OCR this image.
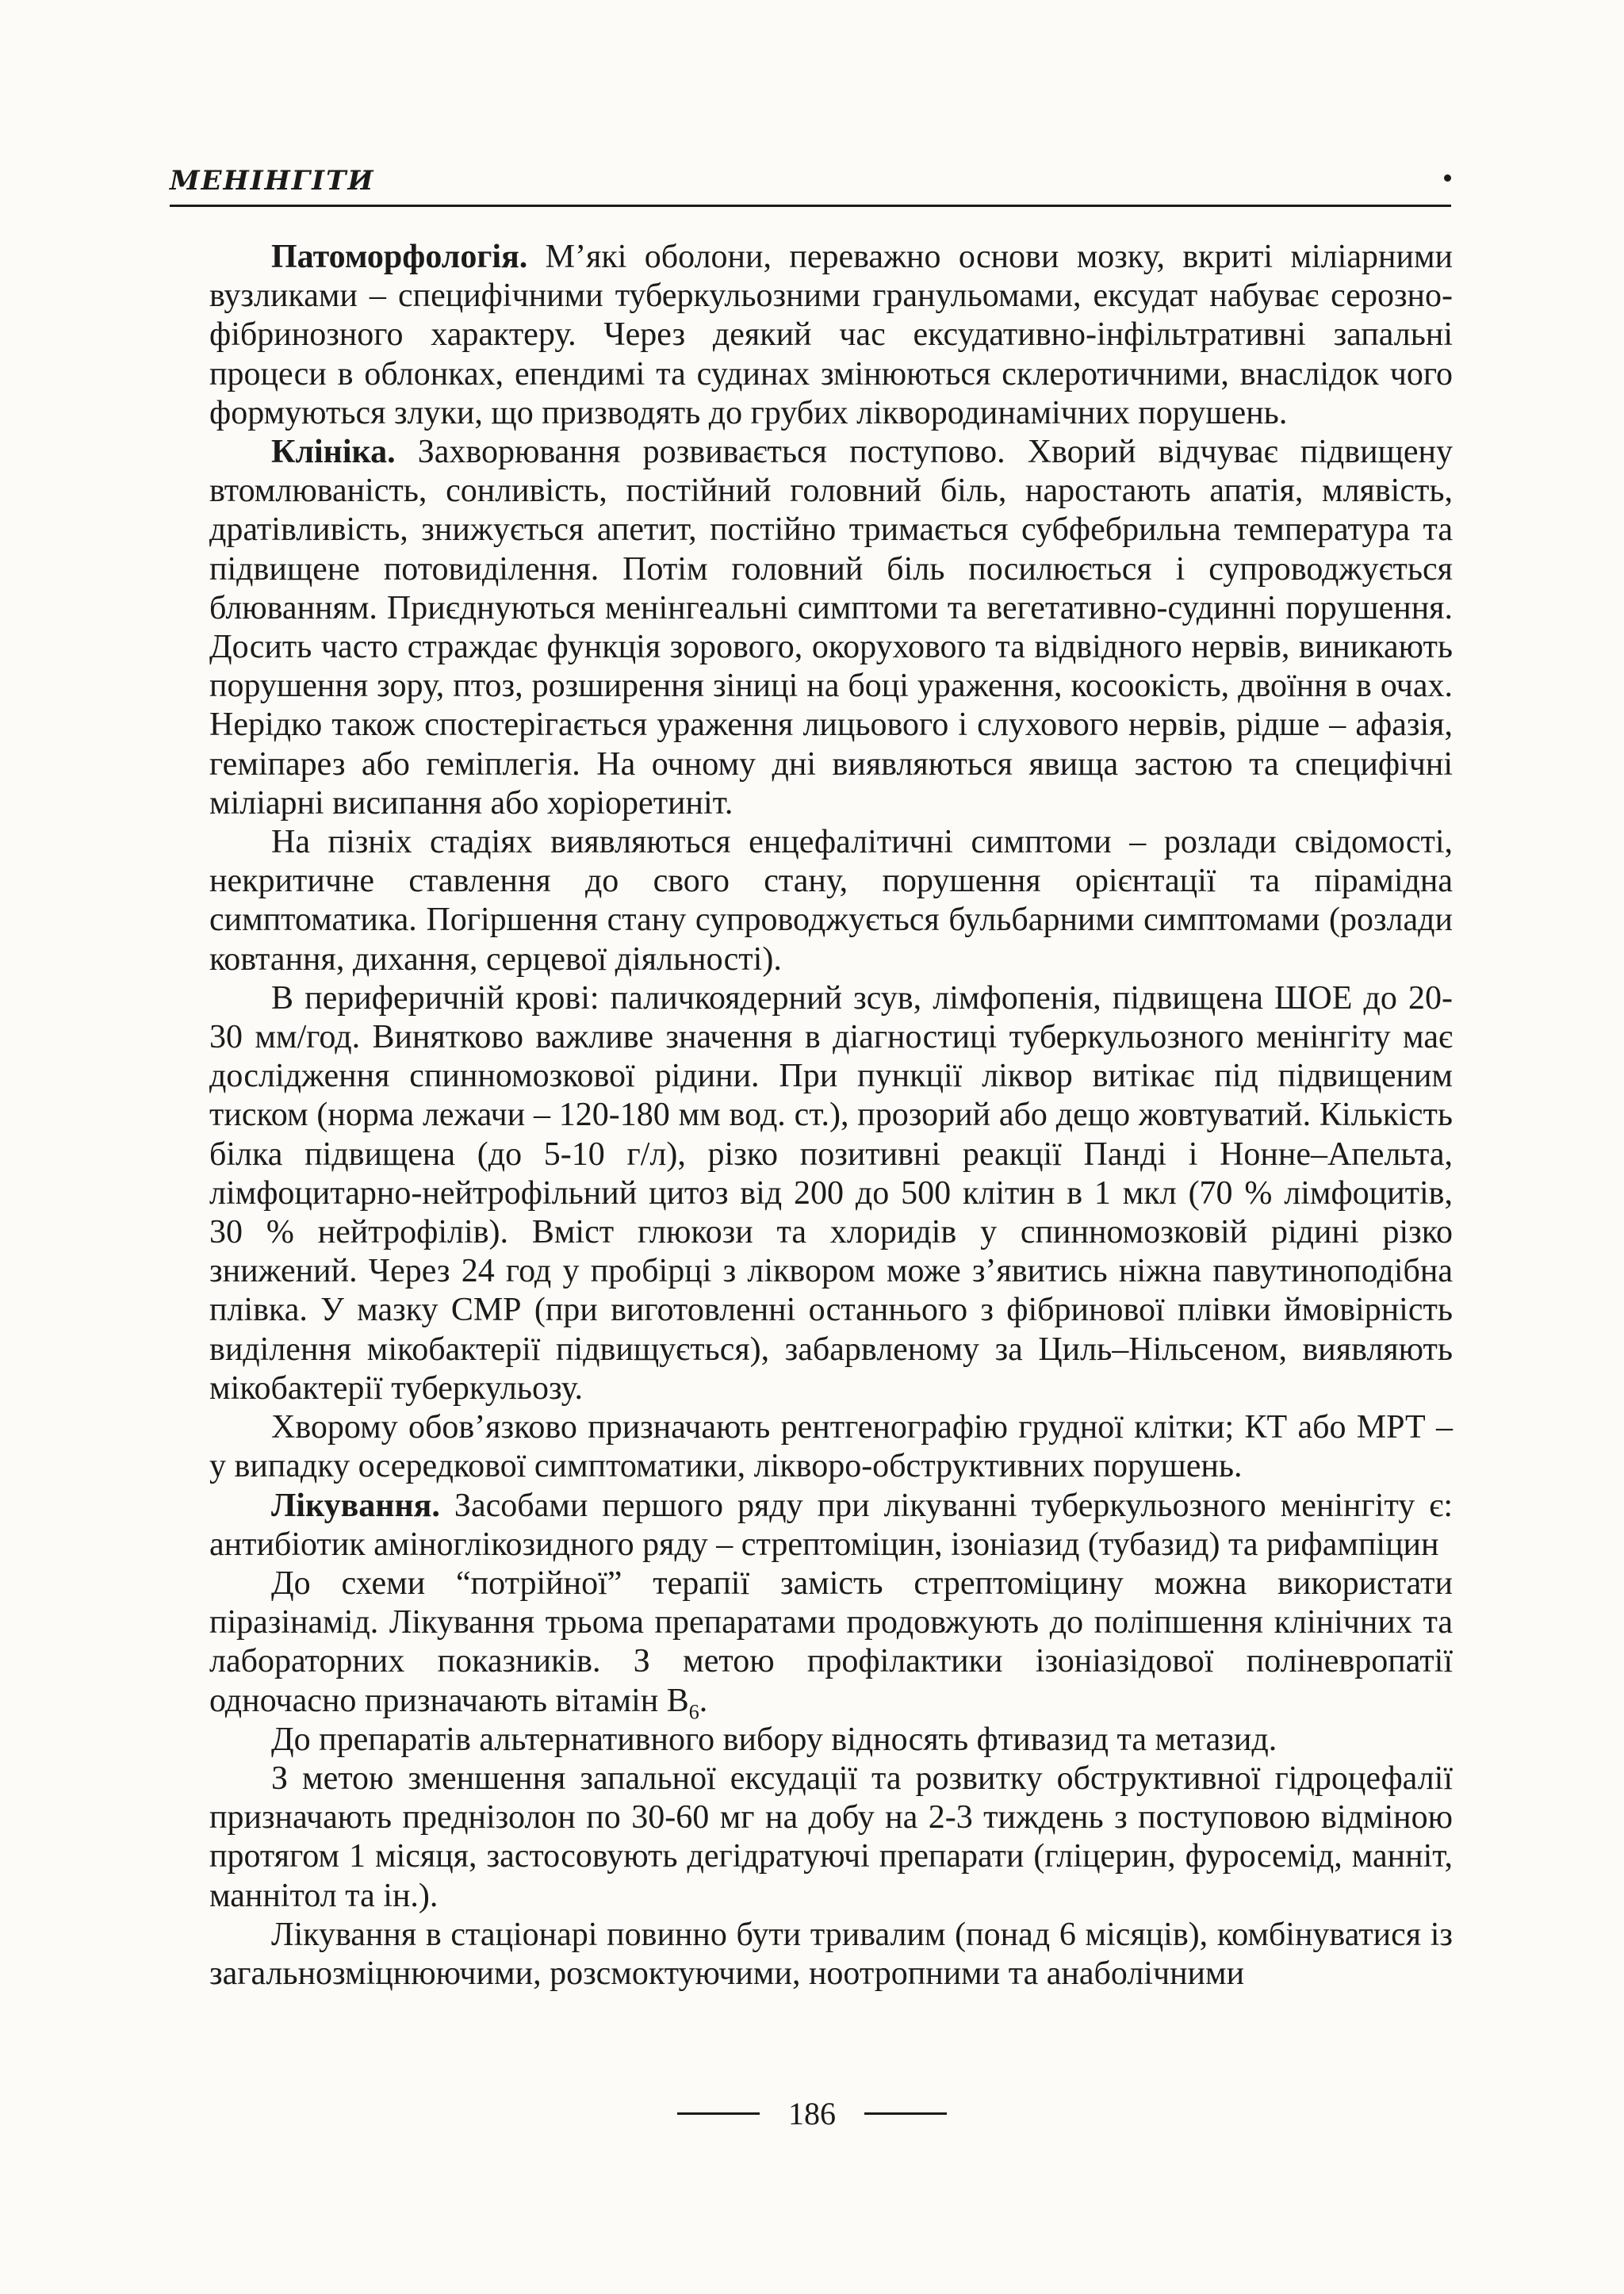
МЕНІНГІТИ

Патоморфологія. М’які оболони, переважно основи мозку, вкриті міліарними вузликами – специфічними туберкульозними гранульомами, ексудат набуває серозно-фібринозного характеру. Через деякий час ексудативно-інфільтративні запальні процеси в облонках, епендимі та судинах змінюються склеротичними, внаслідок чого формуються злуки, що призводять до грубих ліквородинамічних порушень.

Клініка. Захворювання розвивається поступово. Хворий відчуває підвищену втомлюваність, сонливість, постійний головний біль, наростають апатія, млявість, дратівливість, знижується апетит, постійно тримається субфебрильна температура та підвищене потовиділення. Потім головний біль посилюється і супроводжується блюванням. Приєднуються менінгеальні симптоми та вегетативно-судинні порушення. Досить часто страждає функція зорового, окорухового та відвідного нервів, виникають порушення зору, птоз, розширення зіниці на боці ураження, косоокість, двоїння в очах. Нерідко також спостерігається ураження лицьового і слухового нервів, рідше – афазія, геміпарез або геміплегія. На очному дні виявляються явища застою та специфічні міліарні висипання або хоріоретиніт.

На пізніх стадіях виявляються енцефалітичні симптоми – розлади свідомості, некритичне ставлення до свого стану, порушення орієнтації та пірамідна симптоматика. Погіршення стану супроводжується бульбарними симптомами (розлади ковтання, дихання, серцевої діяльності).

В периферичній крові: паличкоядерний зсув, лімфопенія, підвищена ШОЕ до 20-30 мм/год. Винятково важливе значення в діагностиці туберкульозного менінгіту має дослідження спинномозкової рідини. При пункції ліквор витікає під підвищеним тиском (норма лежачи – 120-180 мм вод. ст.), прозорий або дещо жовтуватий. Кількість білка підвищена (до 5-10 г/л), різко позитивні реакції Панді і Нонне–Апельта, лімфоцитарно-нейтрофільний цитоз від 200 до 500 клітин в 1 мкл (70 % лімфоцитів, 30 % нейтрофілів). Вміст глюкози та хлоридів у спинномозковій рідині різко знижений. Через 24 год у пробірці з ліквором може з’явитись ніжна павутиноподібна плівка. У мазку СМР (при виготовленні останнього з фібринової плівки ймовірність виділення мікобактерії підвищується), забарвленому за Циль–Нільсеном, виявляють мікобактерії туберкульозу.

Хворому обов’язково призначають рентгенографію грудної клітки; КТ або МРТ – у випадку осередкової симптоматики, лікворо-обструктивних порушень.

Лікування. Засобами першого ряду при лікуванні туберкульозного менінгіту є: антибіотик аміноглікозидного ряду – стрептоміцин, ізоніазид (тубазид) та рифампіцин

До схеми “потрійної” терапії замість стрептоміцину можна використати піразінамід. Лікування трьома препаратами продовжують до поліпшення клінічних та лабораторних показників. З метою профілактики ізоніазідової поліневропатії одночасно призначають вітамін $В_6$.

До препаратів альтернативного вибору відносять фтивазид та метазид.

З метою зменшення запальної ексудації та розвитку обструктивної гідроцефалії призначають преднізолон по 30-60 мг на добу на 2-3 тиждень з поступовою відміною протягом 1 місяця, застосовують дегідратуючі препарати (гліцерин, фуросемід, манніт, маннітол та ін.).

Лікування в стаціонарі повинно бути тривалим (понад 6 місяців), комбінуватися із загальнозміцнюючими, розсмоктуючими, ноотропними та анаболічними

186
